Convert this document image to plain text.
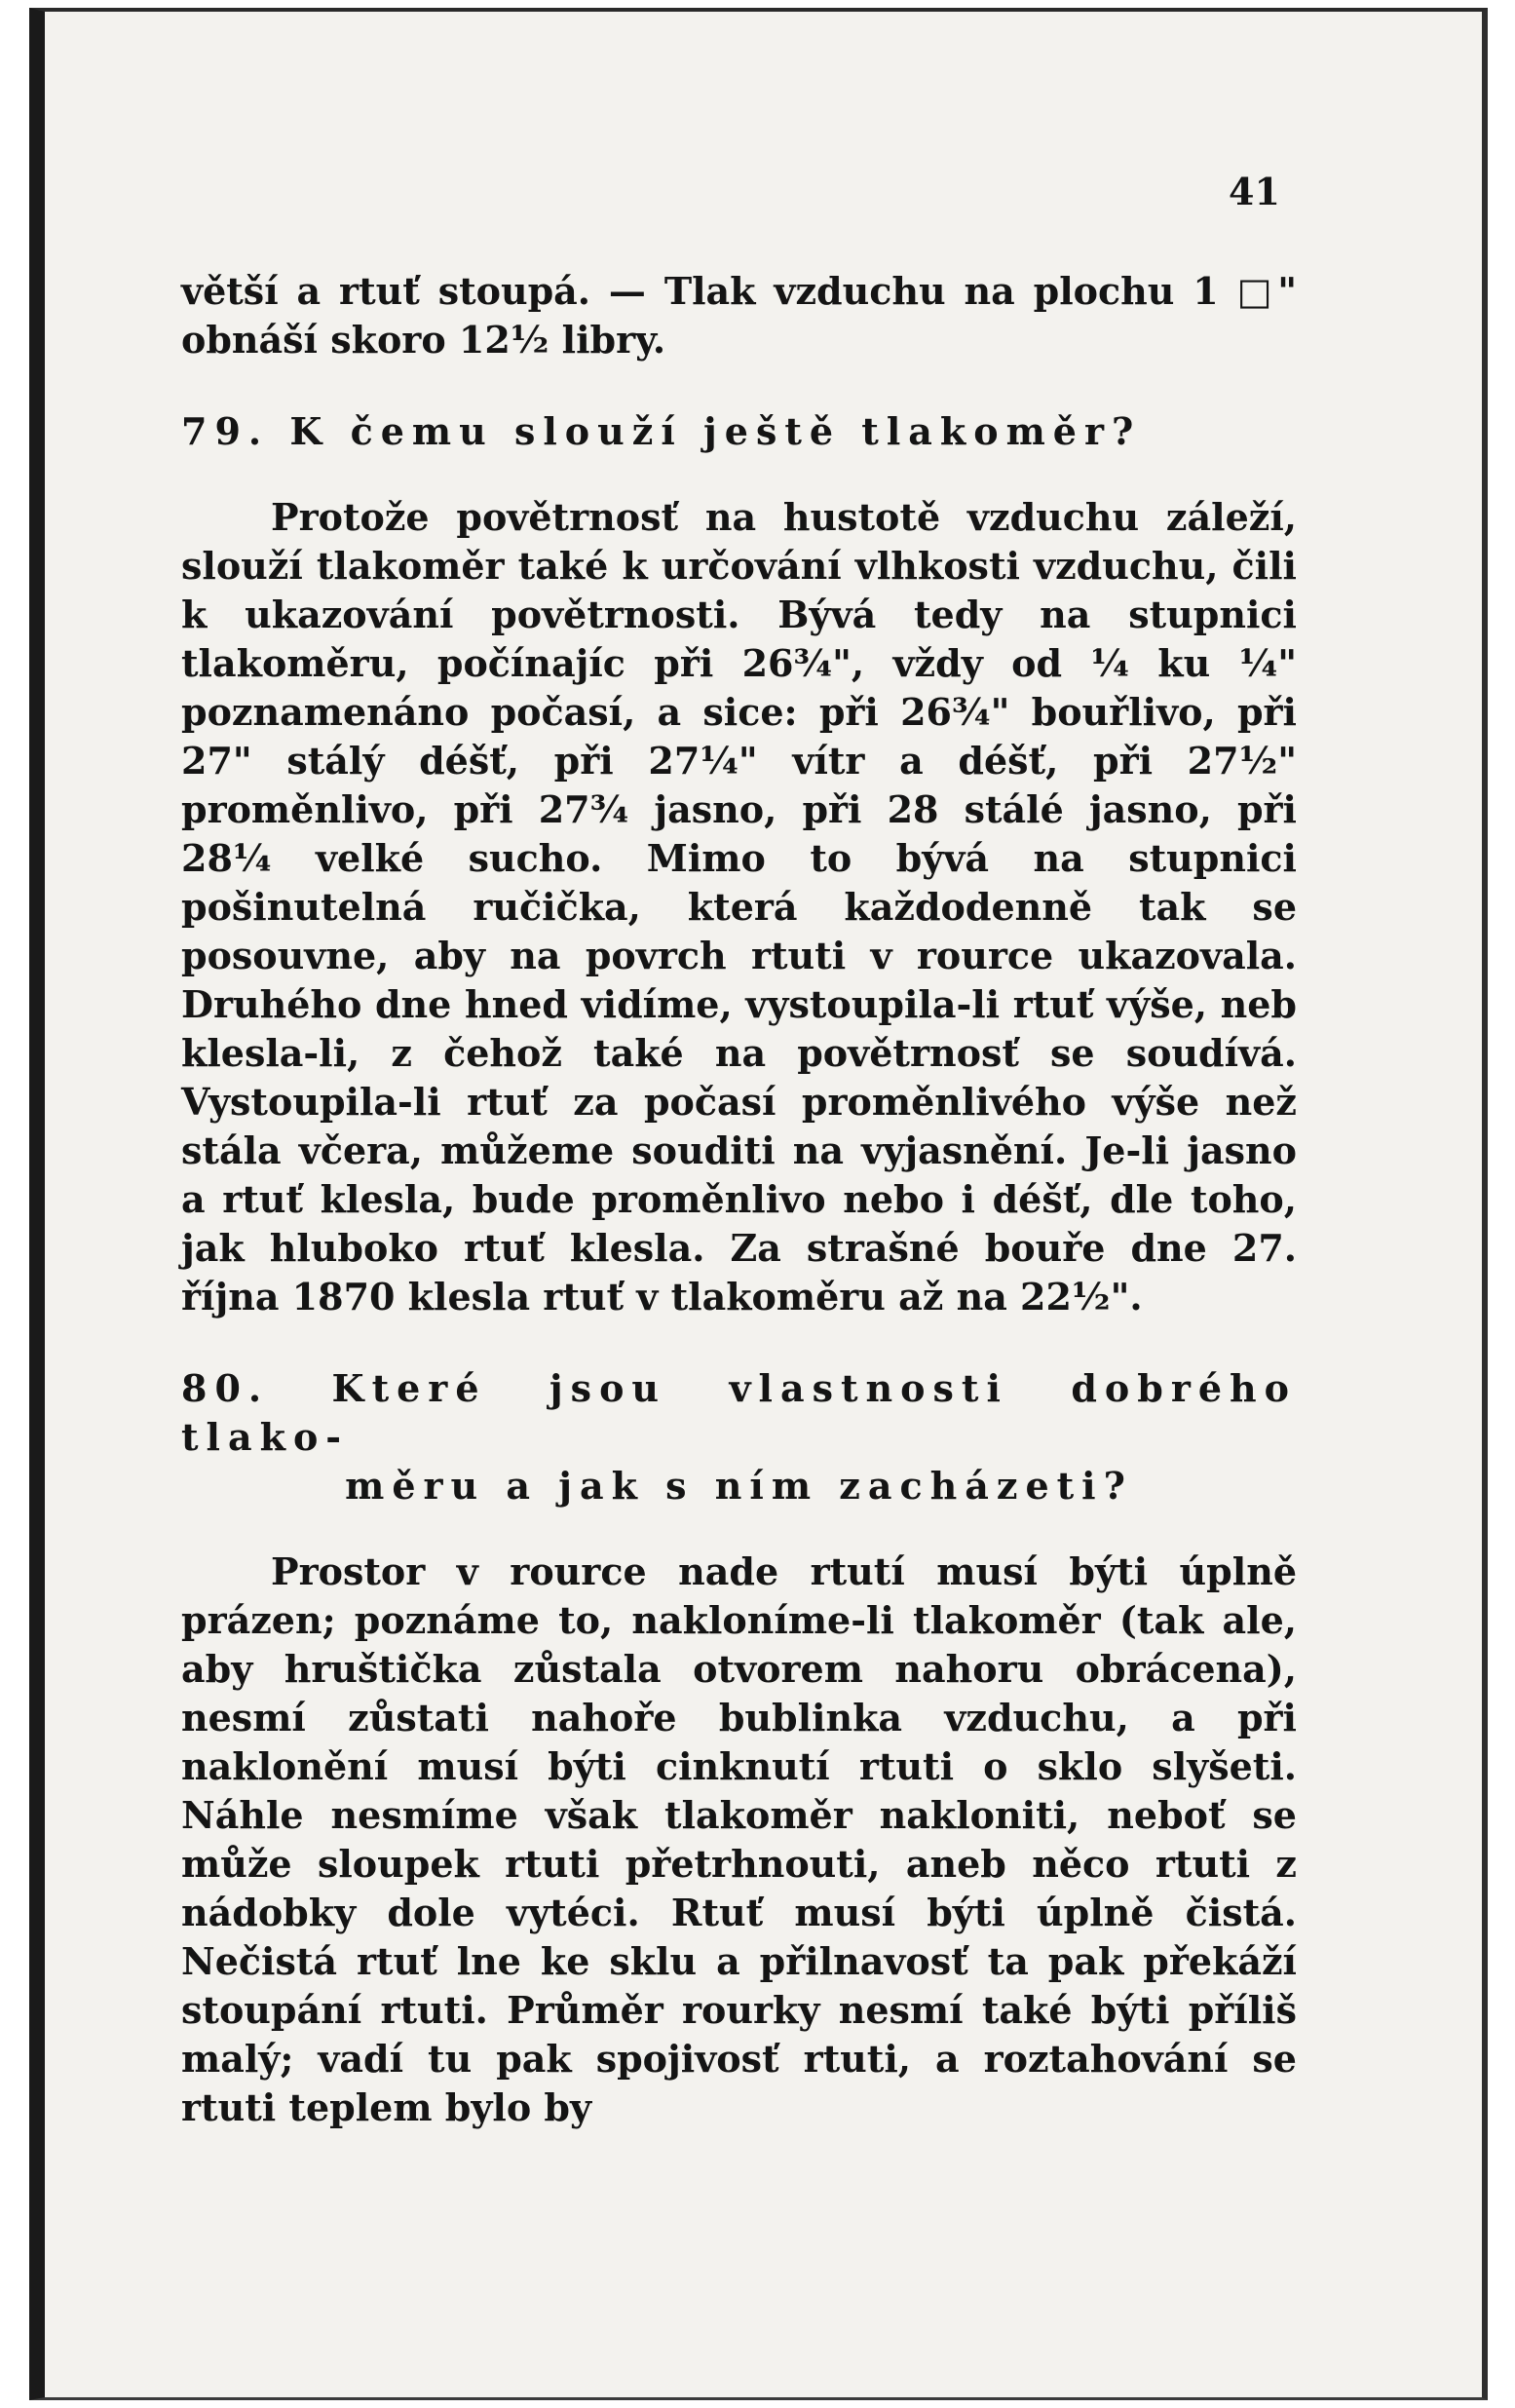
41

větší a rtuť stoupá. — Tlak vzduchu na plochu 1 □" obnáší skoro 12½ libry.

79. K čemu slouží ještě tlakoměr?

Protože povětrnosť na hustotě vzduchu záleží, slouží tlakoměr také k určování vlhkosti vzduchu, čili k ukazování povětrnosti. Bývá tedy na stupnici tlakoměru, počínajíc při 26¾", vždy od ¼ ku ¼" poznamenáno počasí, a sice: při 26¾" bouřlivo, při 27" stálý déšť, při 27¼" vítr a déšť, při 27½" proměnlivo, při 27¾ jasno, při 28 stálé jasno, při 28¼ velké sucho. Mimo to bývá na stupnici pošinutelná ručička, která každodenně tak se posouvne, aby na povrch rtuti v rource ukazovala. Druhého dne hned vidíme, vystoupila-li rtuť výše, neb klesla-li, z čehož také na povětrnosť se soudívá. Vystoupila-li rtuť za počasí proměnlivého výše než stála včera, můžeme souditi na vyjasnění. Je-li jasno a rtuť klesla, bude proměnlivo nebo i déšť, dle toho, jak hluboko rtuť klesla. Za strašné bouře dne 27. října 1870 klesla rtuť v tlakoměru až na 22½".

80. Které jsou vlastnosti dobrého tlako-

měru a jak s ním zacházeti?

Prostor v rource nade rtutí musí býti úplně prázen; poznáme to, nakloníme-li tlakoměr (tak ale, aby hruštička zůstala otvorem nahoru obrácena), nesmí zůstati nahoře bublinka vzduchu, a při naklonění musí býti cinknutí rtuti o sklo slyšeti. Náhle nesmíme však tlakoměr nakloniti, neboť se může sloupek rtuti přetrhnouti, aneb něco rtuti z nádobky dole vytéci. Rtuť musí býti úplně čistá. Nečistá rtuť lne ke sklu a přilnavosť ta pak překáží stoupání rtuti. Průměr rourky nesmí také býti příliš malý; vadí tu pak spojivosť rtuti, a roztahování se rtuti teplem bylo by
